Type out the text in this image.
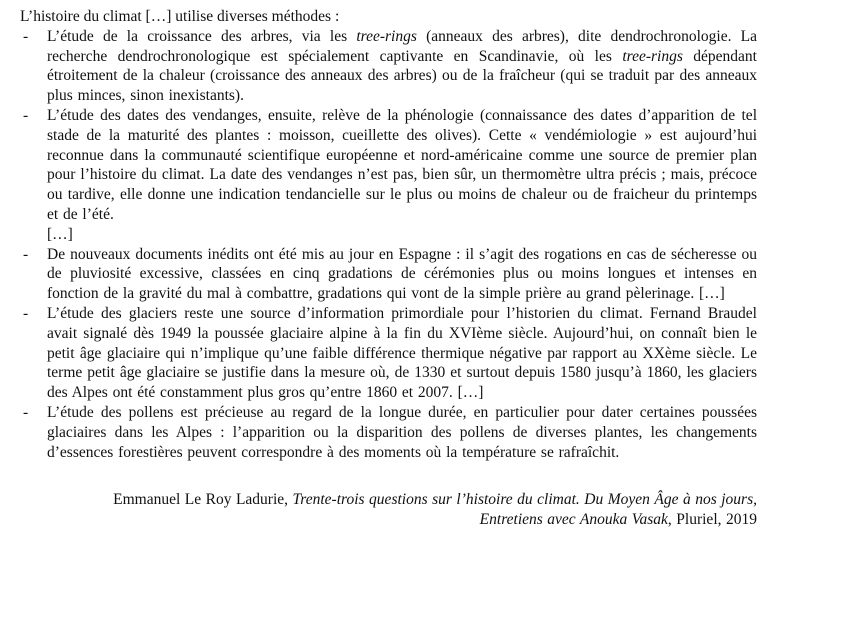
L’histoire du climat […] utilise diverses méthodes :

- L’étude de la croissance des arbres, via les tree-rings (anneaux des arbres), dite dendrochronologie. La recherche dendrochronologique est spécialement captivante en Scandinavie, où les tree-rings dépendant étroitement de la chaleur (croissance des anneaux des arbres) ou de la fraîcheur (qui se traduit par des anneaux plus minces, sinon inexistants).
- L’étude des dates des vendanges, ensuite, relève de la phénologie (connaissance des dates d’apparition de tel stade de la maturité des plantes : moisson, cueillette des olives). Cette « vendémiologie » est aujourd’hui reconnue dans la communauté scientifique européenne et nord-américaine comme une source de premier plan pour l’histoire du climat. La date des vendanges n’est pas, bien sûr, un thermomètre ultra précis ; mais, précoce ou tardive, elle donne une indication tendancielle sur le plus ou moins de chaleur ou de fraicheur du printemps et de l’été.
[…]
- De nouveaux documents inédits ont été mis au jour en Espagne : il s’agit des rogations en cas de sécheresse ou de pluviosité excessive, classées en cinq gradations de cérémonies plus ou moins longues et intenses en fonction de la gravité du mal à combattre, gradations qui vont de la simple prière au grand pèlerinage. […]
- L’étude des glaciers reste une source d’information primordiale pour l’historien du climat. Fernand Braudel avait signalé dès 1949 la poussée glaciaire alpine à la fin du XVIème siècle. Aujourd’hui, on connaît bien le petit âge glaciaire qui n’implique qu’une faible différence thermique négative par rapport au XXème siècle. Le terme petit âge glaciaire se justifie dans la mesure où, de 1330 et surtout depuis 1580 jusqu’à 1860, les glaciers des Alpes ont été constamment plus gros qu’entre 1860 et 2007. […]
- L’étude des pollens est précieuse au regard de la longue durée, en particulier pour dater certaines poussées glaciaires dans les Alpes : l’apparition ou la disparition des pollens de diverses plantes, les changements d’essences forestières peuvent correspondre à des moments où la température se rafraîchit.

Emmanuel Le Roy Ladurie, Trente-trois questions sur l’histoire du climat. Du Moyen Âge à nos jours, Entretiens avec Anouka Vasak, Pluriel, 2019
